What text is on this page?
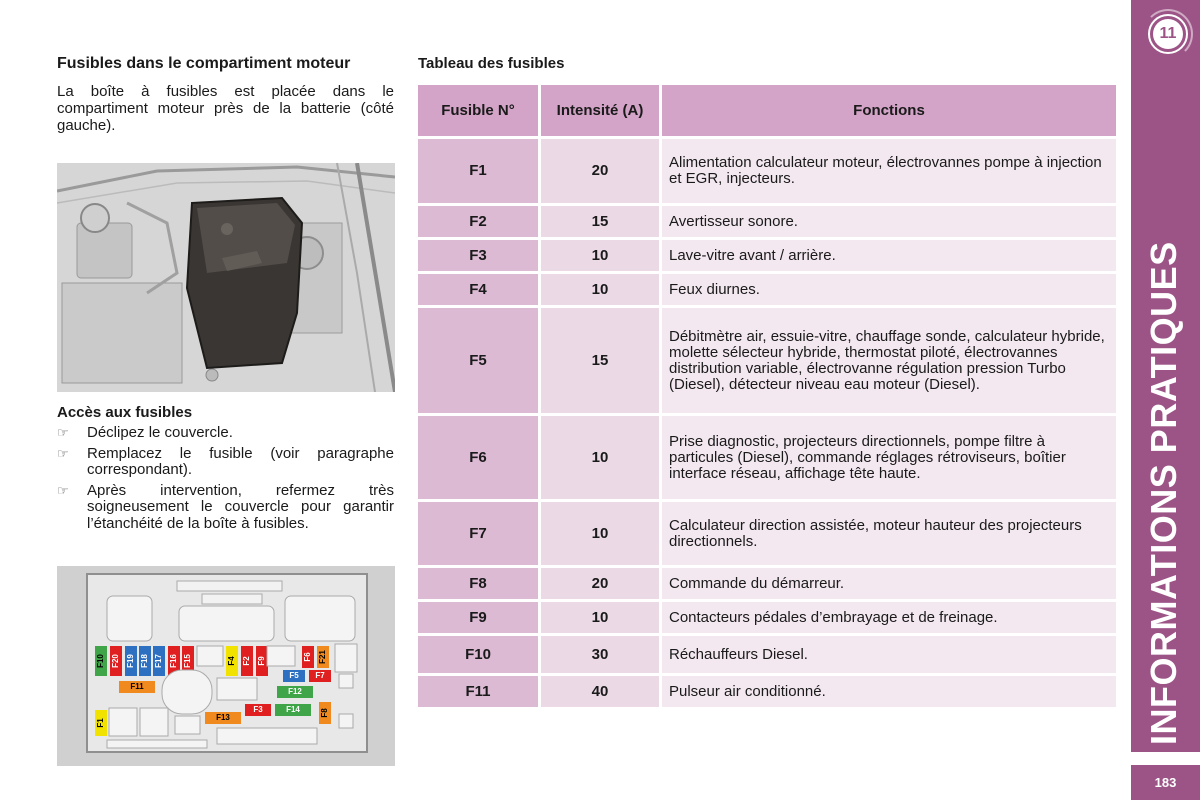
Fusibles dans le compartiment moteur
La boîte à fusibles est placée dans le compartiment moteur près de la batterie (côté gauche).
Accès aux fusibles
☞ Déclipez le couvercle.
☞ Remplacez le fusible (voir paragraphe correspondant).
☞ Après intervention, refermez très soigneusement le couvercle pour garantir l’étanchéité de la boîte à fusibles.
F10 F20 F19 F18 F17 F16 F15	F4 F2 F9	F6 F21
F5 F7
F12
F11
F3	F14	F8
F1
F13
Tableau des fusibles
Fusible N°	Intensité (A)	Fonctions
F1	20	Alimentation calculateur moteur, électrovannes pompe à injection et EGR, injecteurs.
F2	15	Avertisseur sonore.
F3	10	Lave-vitre avant / arrière.
F4	10	Feux diurnes.
F5	15	Débitmètre air, essuie-vitre, chauffage sonde, calculateur hybride, molette sélecteur hybride, thermostat piloté, électrovannes distribution variable, électrovanne régulation pression Turbo (Diesel), détecteur niveau eau moteur (Diesel).
F6	10	Prise diagnostic, projecteurs directionnels, pompe filtre à particules (Diesel), commande réglages rétroviseurs, boîtier interface réseau, affichage tête haute.
F7	10	Calculateur direction assistée, moteur hauteur des projecteurs directionnels.
F8	20	Commande du démarreur.
F9	10	Contacteurs pédales d’embrayage et de freinage.
F10	30	Réchauffeurs Diesel.
F11	40	Pulseur air conditionné.
11
INFORMATIONS PRATIQUES
183
